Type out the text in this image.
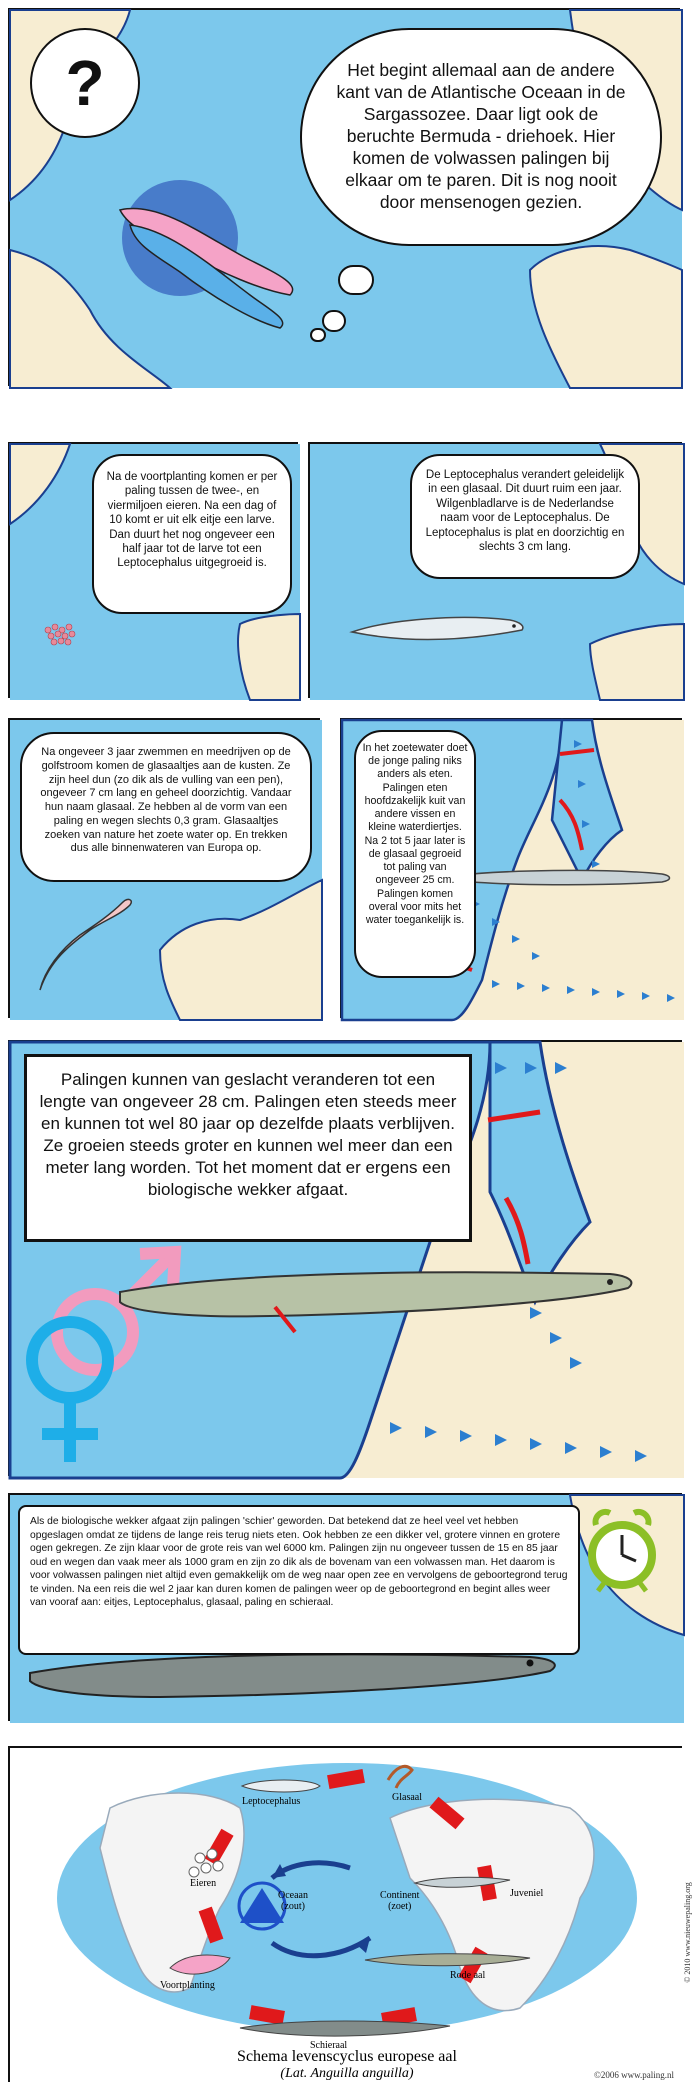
?	Het begint allemaal aan de andere kant van de Atlantische Oceaan in de Sargassozee. Daar ligt ook de beruchte Bermuda - driehoek. Hier komen de volwassen palingen bij elkaar om te paren. Dit is nog nooit door mensenogen gezien.
Na de voortplanting komen er per paling tussen de twee-, en viermiljoen eieren. Na een dag of 10 komt er uit elk eitje een larve. Dan duurt het nog ongeveer een half jaar tot de larve tot een Leptocephalus uitgegroeid is.
De Leptocephalus verandert geleidelijk in een glasaal. Dit duurt ruim een jaar. Wilgenbladlarve is de Nederlandse naam voor de Leptocephalus. De Leptocephalus is plat en doorzichtig en slechts 3 cm lang.
Na ongeveer 3 jaar zwemmen en meedrijven op de golfstroom komen de glasaaltjes aan de kusten. Ze zijn heel dun (zo dik als de vulling van een pen), ongeveer 7 cm lang en geheel doorzichtig. Vandaar hun naam glasaal. Ze hebben al de vorm van een paling en wegen slechts 0,3 gram. Glasaaltjes zoeken van nature het zoete water op. En trekken dus alle binnenwateren van Europa op.
In het zoetewater doet de jonge paling niks anders als eten. Palingen eten hoofdzakelijk kuit van andere vissen en kleine waterdiertjes. Na 2 tot 5 jaar later is de glasaal gegroeid tot paling van ongeveer 25 cm. Palingen komen overal voor mits het water toegankelijk is.
Palingen kunnen van geslacht veranderen tot een lengte van ongeveer 28 cm. Palingen eten steeds meer en kunnen tot wel 80 jaar op dezelfde plaats verblijven. Ze groeien steeds groter en kunnen wel meer dan een meter lang worden. Tot het moment dat er ergens een biologische wekker afgaat.
Als de biologische wekker afgaat zijn palingen 'schier' geworden. Dat betekend dat ze heel veel vet hebben opgeslagen omdat ze tijdens de lange reis terug niets eten. Ook hebben ze een dikker vel, grotere vinnen en grotere ogen gekregen. Ze zijn klaar voor de grote reis van wel 6000 km. Palingen zijn nu ongeveer tussen de 15 en 85 jaar oud en wegen dan vaak meer als 1000 gram en zijn zo dik als de bovenam van een volwassen man. Het daarom is voor volwassen palingen niet altijd even gemakkelijk om de weg naar open zee en vervolgens de geboortegrond terug te vinden. Na een reis die wel 2 jaar kan duren komen de palingen weer op de geboortegrond en begint alles weer van vooraf aan: eitjes, Leptocephalus, glasaal, paling en schieraal.
Leptocephalus	Glasaal
Juveniel
Rode aal
Schieraal
Voortplanting
Eieren
Oceaan
(zout)
Continent
(zoet)
Schema levenscyclus europese aal
(Lat. Anguilla anguilla)	©2006 www.paling.nl
© 2010 www.nieuwepaling.org
